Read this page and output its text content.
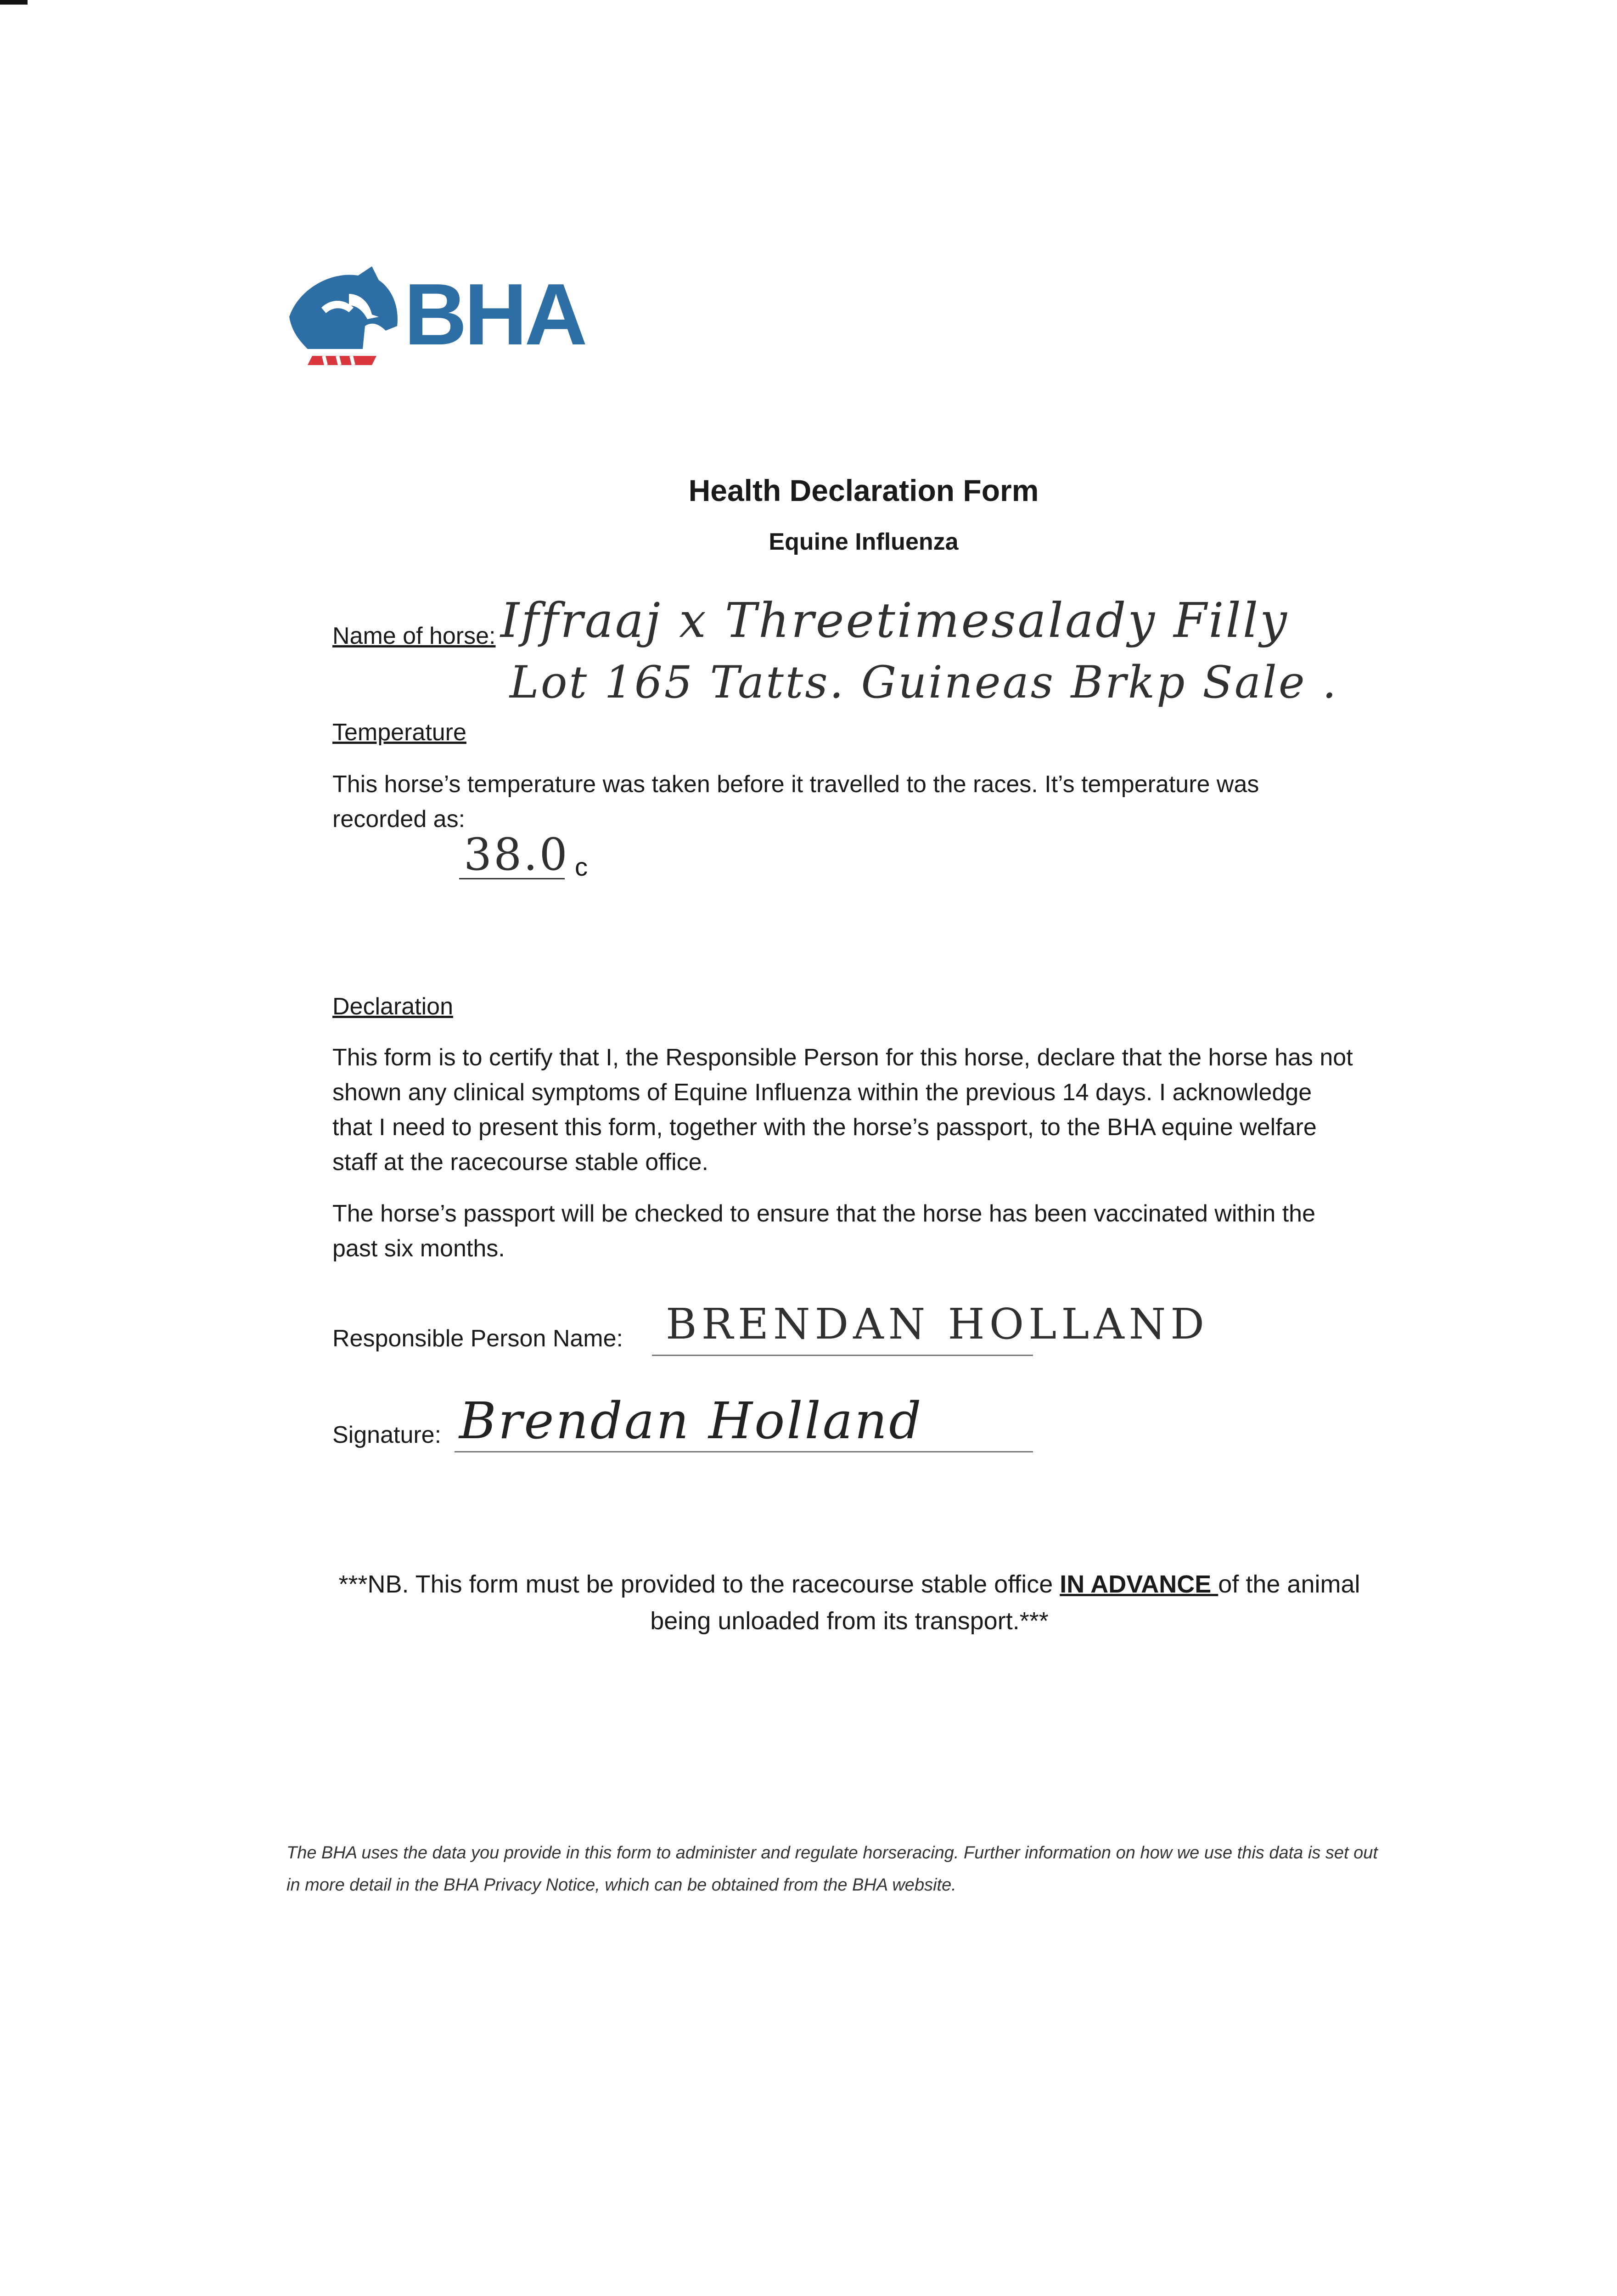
BHA
Health Declaration Form
Equine Influenza
Name of horse: Iffraaj x Threetimesalady Filly
Lot 165 Tatts. Guineas Brkp Sale .
Temperature
This horse’s temperature was taken before it travelled to the races. It’s temperature was recorded as:
38.0 c
Declaration
This form is to certify that I, the Responsible Person for this horse, declare that the horse has not shown any clinical symptoms of Equine Influenza within the previous 14 days. I acknowledge that I need to present this form, together with the horse’s passport, to the BHA equine welfare staff at the racecourse stable office.
The horse’s passport will be checked to ensure that the horse has been vaccinated within the past six months.
Responsible Person Name: BRENDAN HOLLAND
Signature: Brendan Holland
***NB. This form must be provided to the racecourse stable office IN ADVANCE of the animal being unloaded from its transport.***
The BHA uses the data you provide in this form to administer and regulate horseracing. Further information on how we use this data is set out in more detail in the BHA Privacy Notice, which can be obtained from the BHA website.
